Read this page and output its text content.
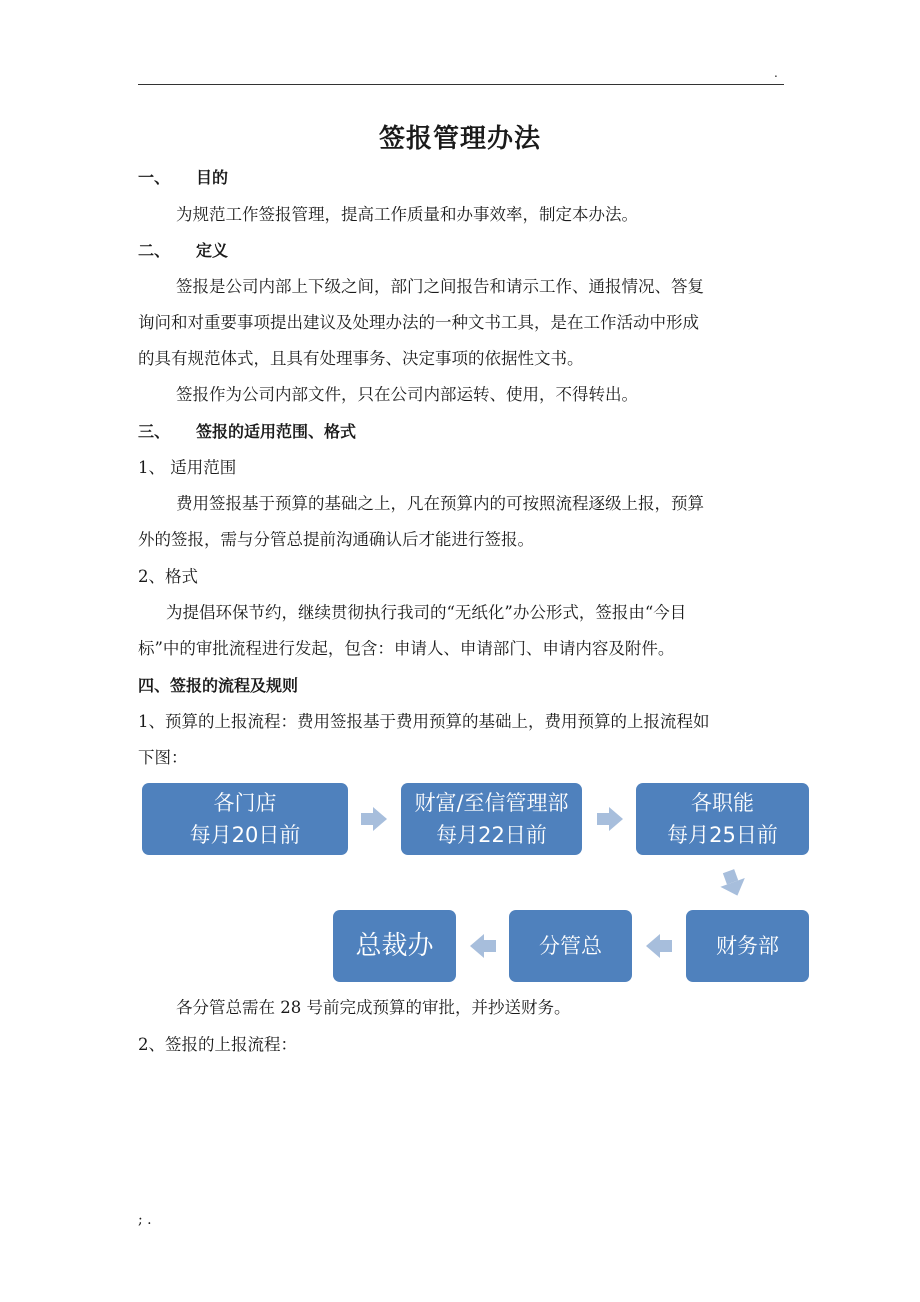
.
签报管理办法
一、 目的
为规范工作签报管理，提高工作质量和办事效率，制定本办法。
二、 定义
签报是公司内部上下级之间，部门之间报告和请示工作、通报情况、答复
询问和对重要事项提出建议及处理办法的一种文书工具，是在工作活动中形成
的具有规范体式，且具有处理事务、决定事项的依据性文书。
签报作为公司内部文件，只在公司内部运转、使用，不得转出。
三、 签报的适用范围、格式
1、 适用范围
费用签报基于预算的基础之上，凡在预算内的可按照流程逐级上报，预算
外的签报，需与分管总提前沟通确认后才能进行签报。
2、格式
为提倡环保节约，继续贯彻执行我司的“无纸化”办公形式，签报由“今目
标”中的审批流程进行发起，包含：申请人、申请部门、申请内容及附件。
四、签报的流程及规则
1、预算的上报流程：费用签报基于费用预算的基础上，费用预算的上报流程如
下图：
各门店
每月20日前
财富/至信管理部
每月22日前
各职能
每月25日前
财务部
分管总
总裁办
各分管总需在 28 号前完成预算的审批，并抄送财务。
2、签报的上报流程：
; .
